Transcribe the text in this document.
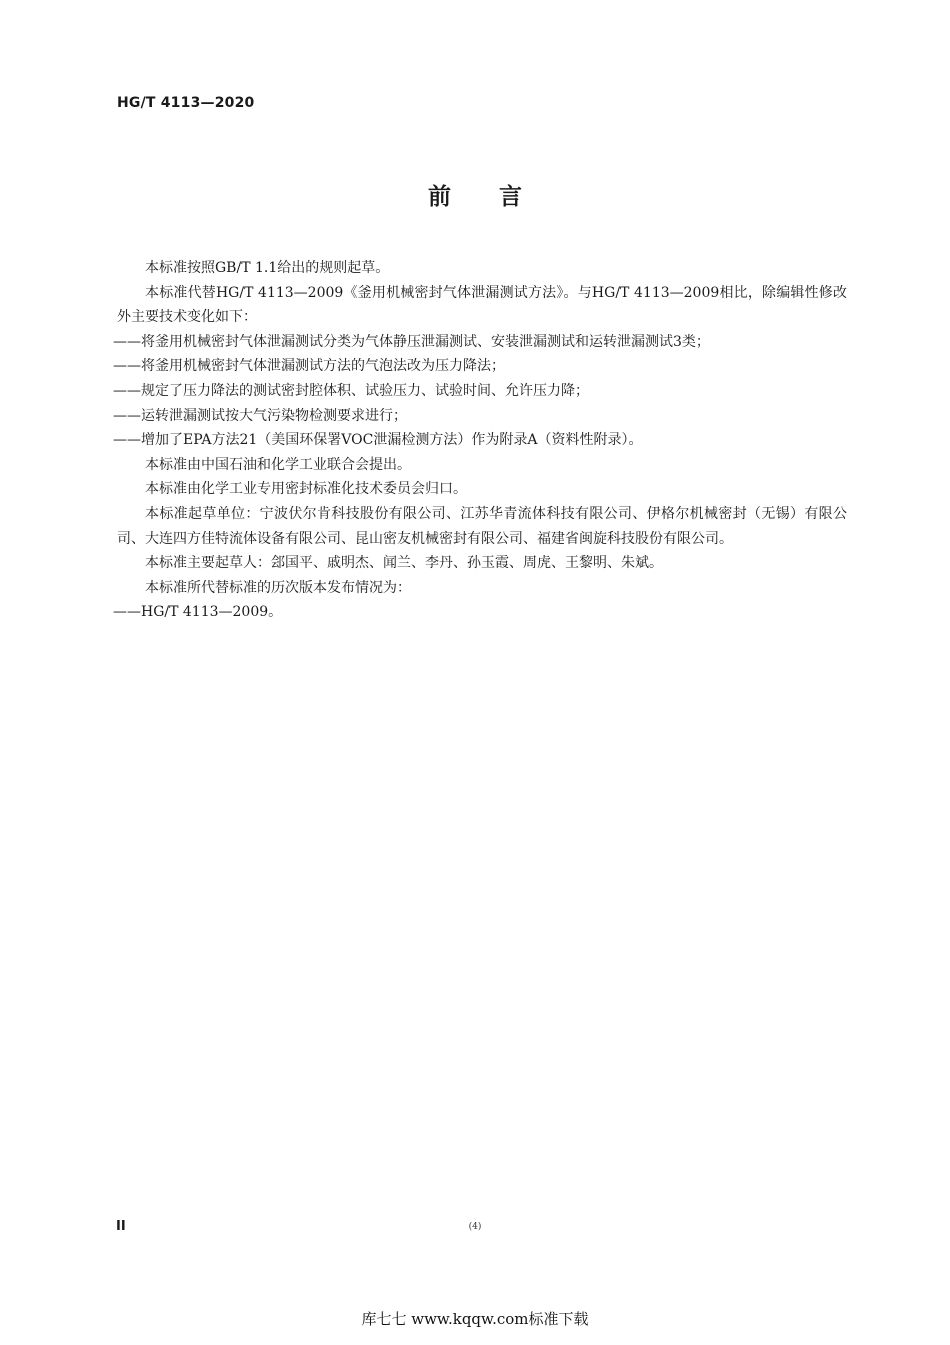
HG/T 4113—2020
前言
本标准按照GB/T 1.1给出的规则起草。
本标准代替HG/T 4113—2009《釜用机械密封气体泄漏测试方法》。与HG/T 4113—2009相比，除编辑性修改外主要技术变化如下：
——将釜用机械密封气体泄漏测试分类为气体静压泄漏测试、安装泄漏测试和运转泄漏测试3类；
——将釜用机械密封气体泄漏测试方法的气泡法改为压力降法；
——规定了压力降法的测试密封腔体积、试验压力、试验时间、允许压力降；
——运转泄漏测试按大气污染物检测要求进行；
——增加了EPA方法21（美国环保署VOC泄漏检测方法）作为附录A（资料性附录）。
本标准由中国石油和化学工业联合会提出。
本标准由化学工业专用密封标准化技术委员会归口。
本标准起草单位：宁波伏尔肯科技股份有限公司、江苏华青流体科技有限公司、伊格尔机械密封（无锡）有限公司、大连四方佳特流体设备有限公司、昆山密友机械密封有限公司、福建省闽旋科技股份有限公司。
本标准主要起草人：郐国平、戚明杰、闻兰、李丹、孙玉霞、周虎、王黎明、朱斌。
本标准所代替标准的历次版本发布情况为：
——HG/T 4113—2009。
II	(4)
库七七 www.kqqw.com标准下载
